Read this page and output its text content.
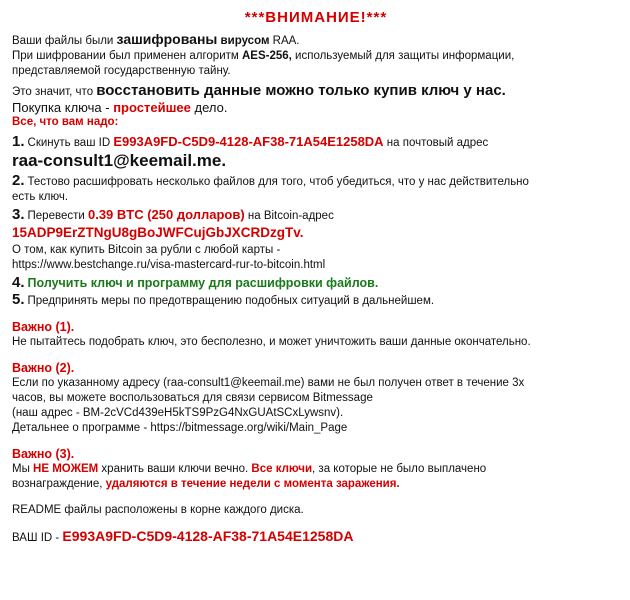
***ВНИМАНИЕ!***

Ваши файлы были зашифрованы вирусом RAA.

При шифровании был применен алгоритм AES-256, используемый для защиты информации,

представляемой государственную тайну.

Это значит, что восстановить данные можно только купив ключ у нас.

Покупка ключа - простейшее дело.

Все, что вам надо:

1. Скинуть ваш ID E993A9FD-C5D9-4128-AF38-71A54E1258DA на почтовый адрес

raa-consult1@keemail.me.

2. Тестово расшифровать несколько файлов для того, чтоб убедиться, что у нас действительно

есть ключ.

3. Перевести 0.39 BTC (250 долларов) на Bitcoin-адрес

15ADP9ErZTNgU8gBoJWFCujGbJXCRDzgTv.

О том, как купить Bitcoin за рубли с любой карты -

https://www.bestchange.ru/visa-mastercard-rur-to-bitcoin.html

4. Получить ключ и программу для расшифровки файлов.

5. Предпринять меры по предотвращению подобных ситуаций в дальнейшем.

Важно (1).

Не пытайтесь подобрать ключ, это бесполезно, и может уничтожить ваши данные окончательно.

Важно (2).

Если по указанному адресу (raa-consult1@keemail.me) вами не был получен ответ в течение 3х

часов, вы можете воспользоваться для связи сервисом Bitmessage

(наш адрес - BM-2cVCd439eH5kTS9PzG4NxGUAtSCxLywsnv).

Детальнее о программе - https://bitmessage.org/wiki/Main_Page

Важно (3).

Мы НЕ МОЖЕМ хранить ваши ключи вечно. Все ключи, за которые не было выплачено

вознаграждение, удаляются в течение недели с момента заражения.

README файлы расположены в корне каждого диска.

ВАШ ID - E993A9FD-C5D9-4128-AF38-71A54E1258DA
